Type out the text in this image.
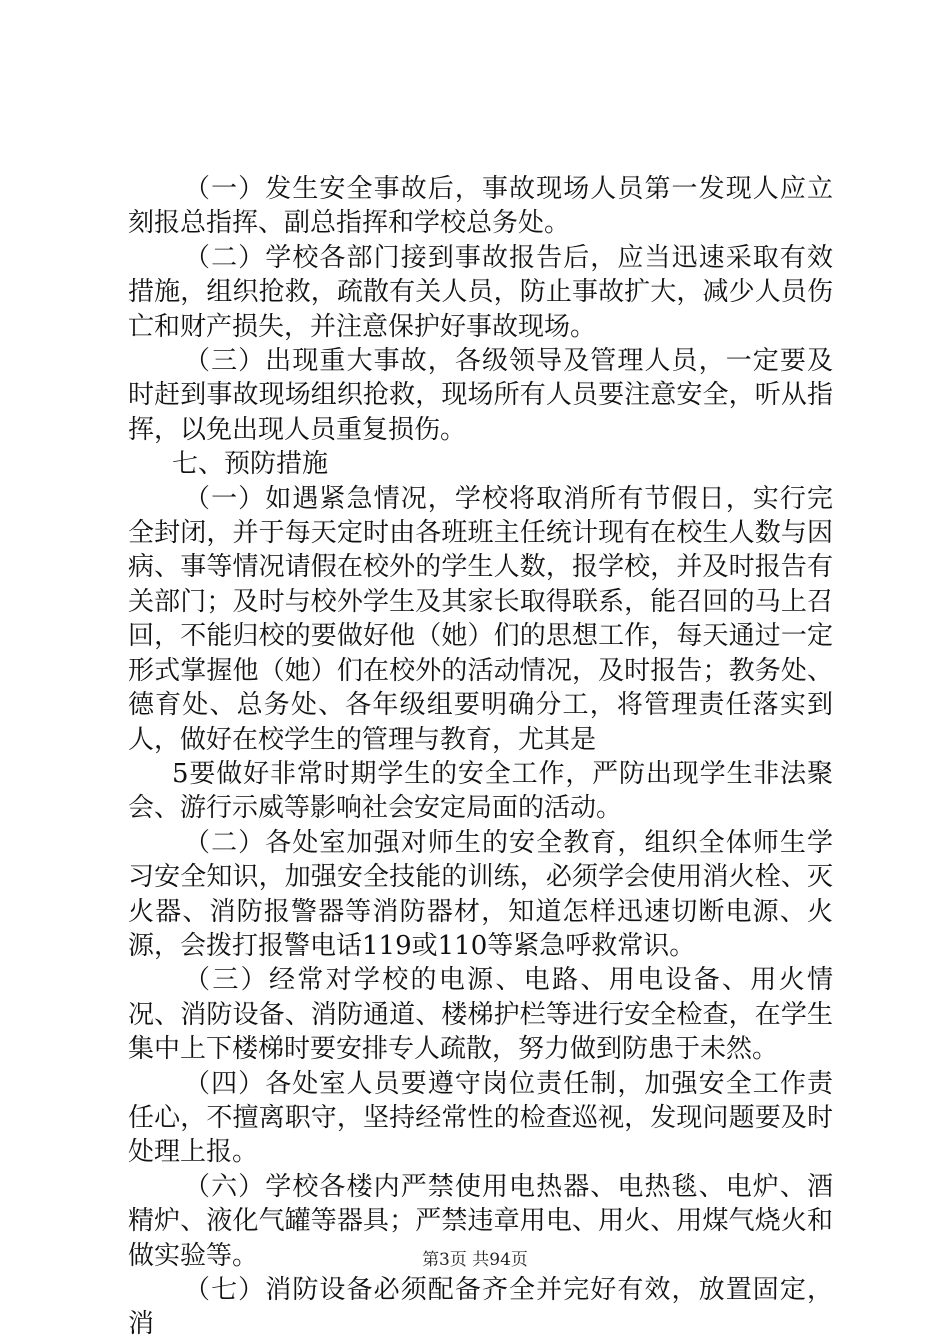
（一）发生安全事故后，事故现场人员第一发现人应立刻报总指挥、副总指挥和学校总务处。

（二）学校各部门接到事故报告后，应当迅速采取有效措施，组织抢救，疏散有关人员，防止事故扩大，减少人员伤亡和财产损失，并注意保护好事故现场。

（三）出现重大事故，各级领导及管理人员，一定要及时赶到事故现场组织抢救，现场所有人员要注意安全，听从指挥，以免出现人员重复损伤。

七、预防措施

（一）如遇紧急情况，学校将取消所有节假日，实行完全封闭，并于每天定时由各班班主任统计现有在校生人数与因病、事等情况请假在校外的学生人数，报学校，并及时报告有关部门；及时与校外学生及其家长取得联系，能召回的马上召回，不能归校的要做好他（她）们的思想工作，每天通过一定形式掌握他（她）们在校外的活动情况，及时报告；教务处、德育处、总务处、各年级组要明确分工，将管理责任落实到人，做好在校学生的管理与教育，尤其是

5要做好非常时期学生的安全工作，严防出现学生非法聚会、游行示威等影响社会安定局面的活动。

（二）各处室加强对师生的安全教育，组织全体师生学习安全知识，加强安全技能的训练，必须学会使用消火栓、灭火器、消防报警器等消防器材，知道怎样迅速切断电源、火源，会拨打报警电话119或110等紧急呼救常识。

（三）经常对学校的电源、电路、用电设备、用火情况、消防设备、消防通道、楼梯护栏等进行安全检查，在学生集中上下楼梯时要安排专人疏散，努力做到防患于未然。

（四）各处室人员要遵守岗位责任制，加强安全工作责任心，不擅离职守，坚持经常性的检查巡视，发现问题要及时处理上报。

（六）学校各楼内严禁使用电热器、电热毯、电炉、酒精炉、液化气罐等器具；严禁违章用电、用火、用煤气烧火和做实验等。

（七）消防设备必须配备齐全并完好有效，放置固定，消

第3页 共94页
